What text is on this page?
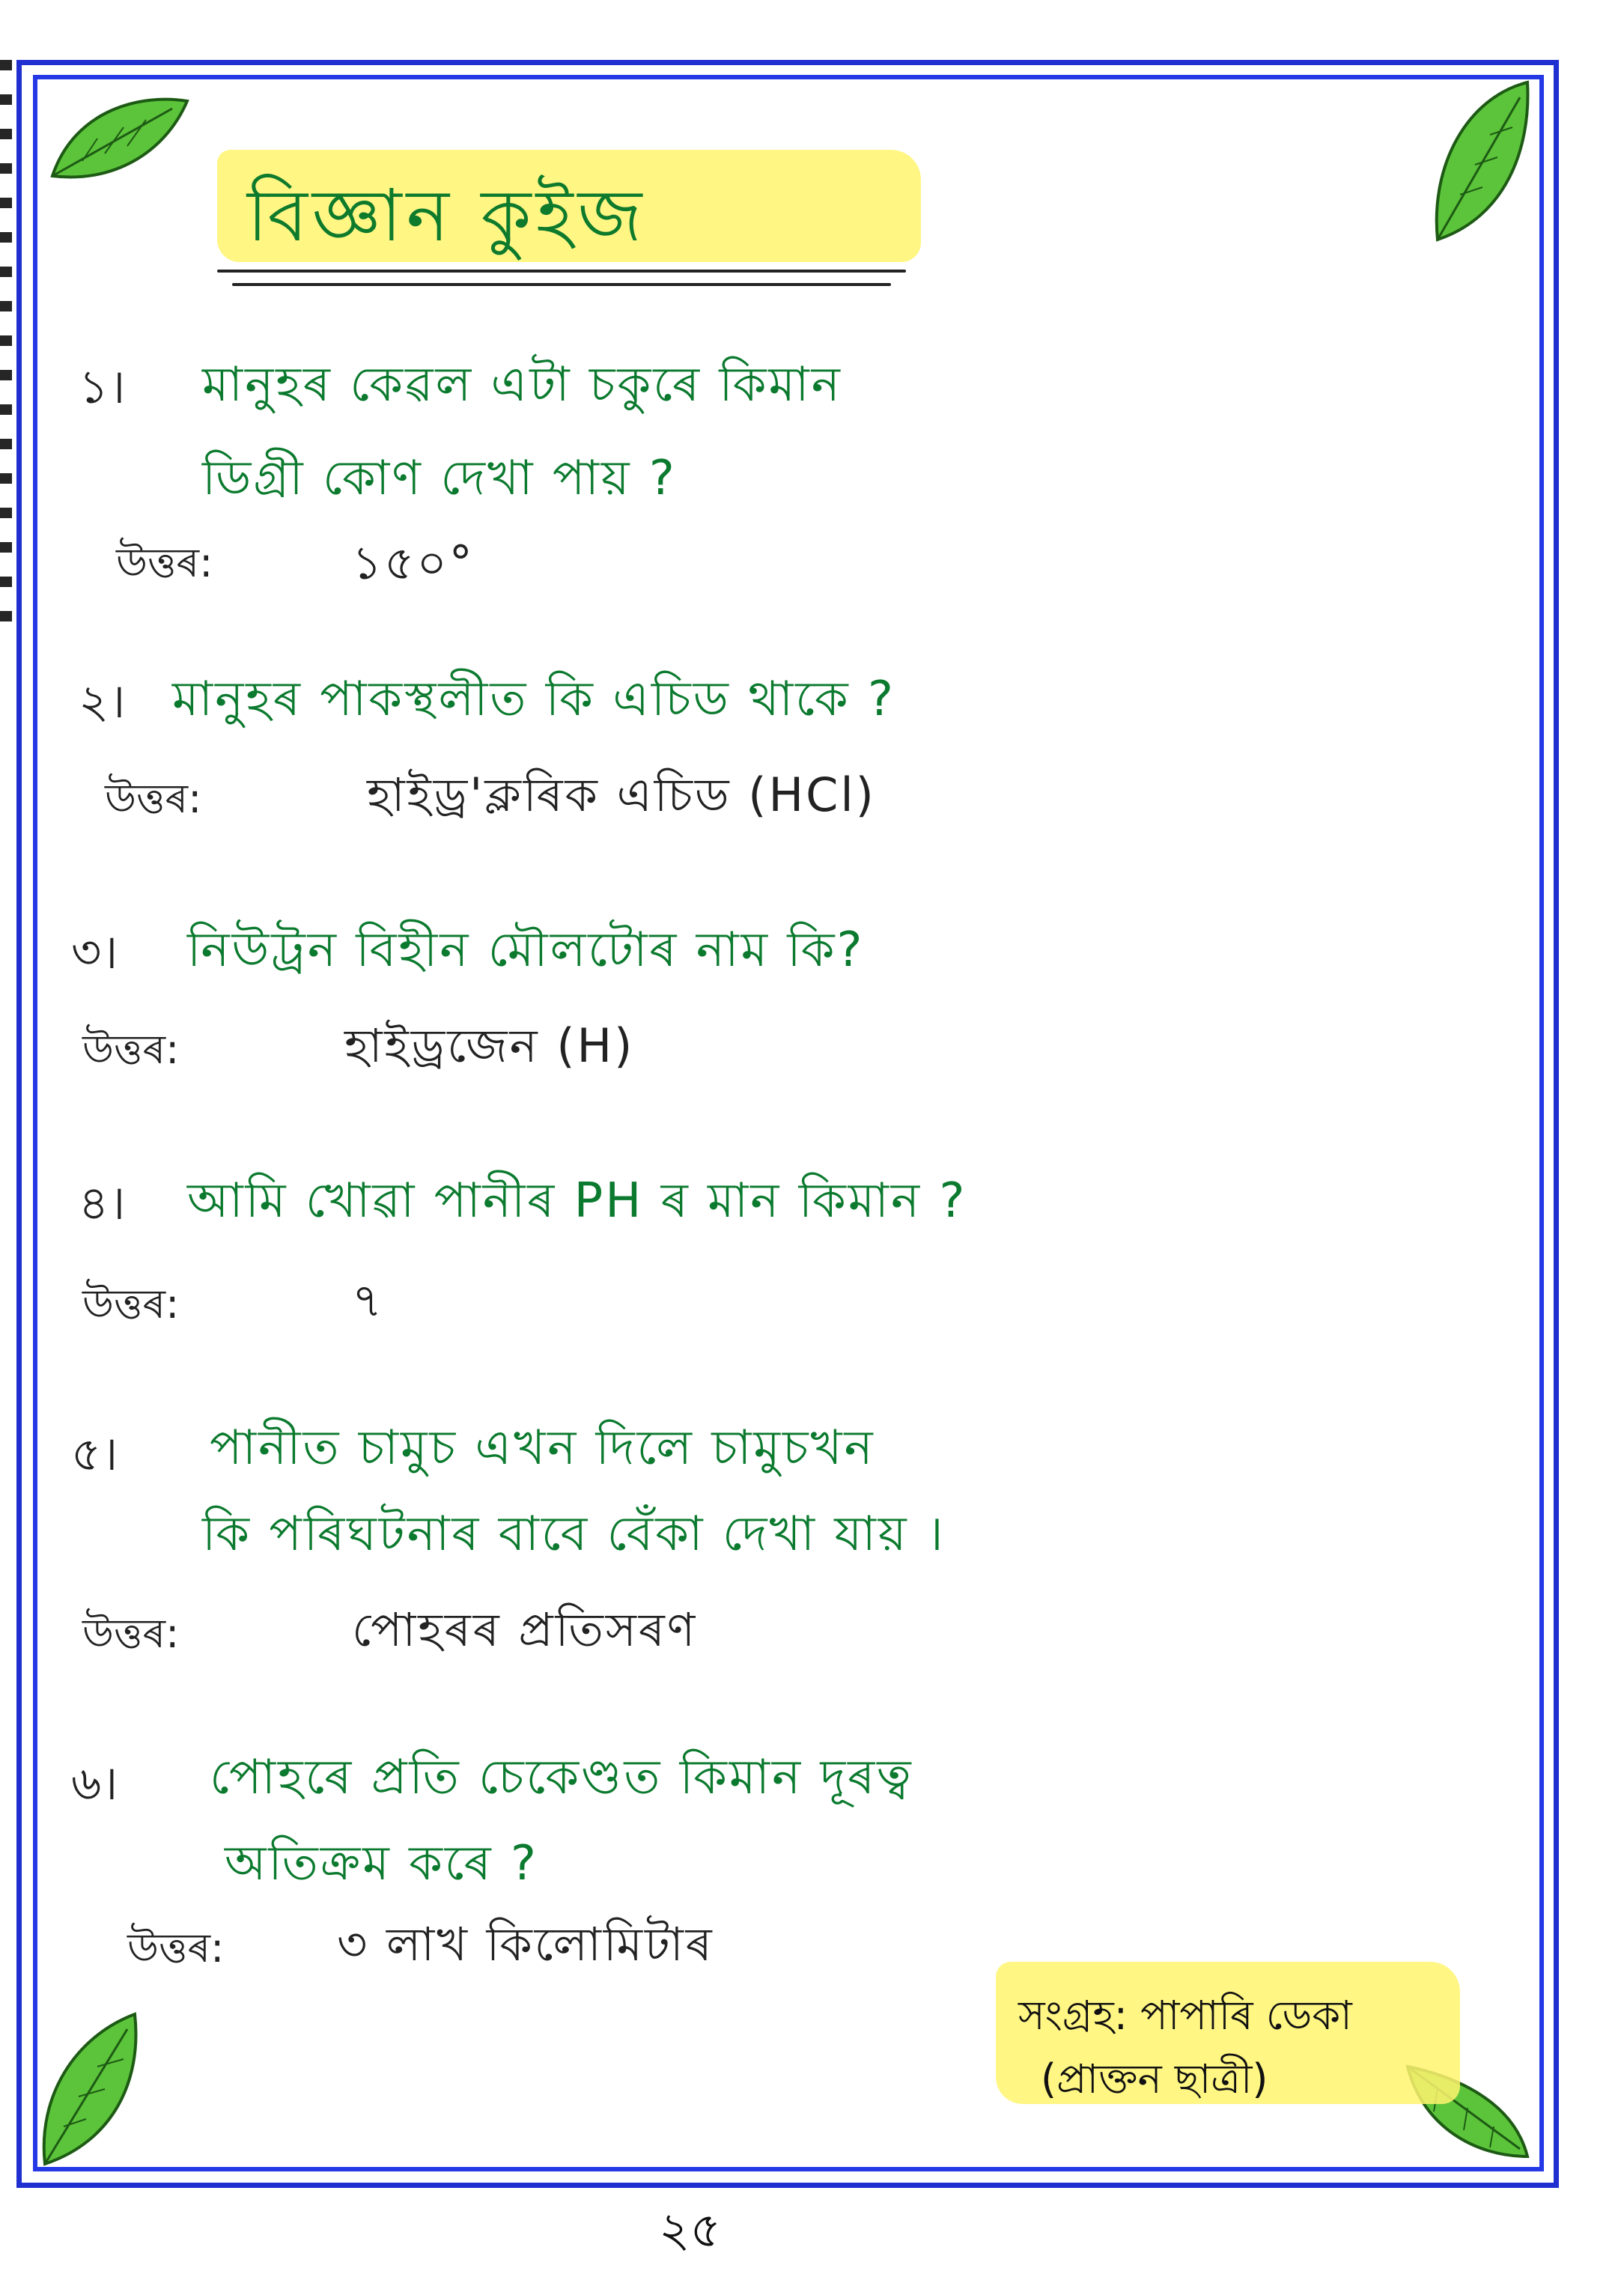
বিজ্ঞান কুইজ
১। মানুহৰ কেৱল এটা চকুৰে কিমান
ডিগ্ৰী কোণ দেখা পায় ?
উত্তৰ:	১৫০°
২। মানুহৰ পাকস্থলীত কি এচিড থাকে ?
উত্তৰ:	হাইড্ৰ'ক্লৰিক এচিড (HCl)
৩। নিউট্ৰন বিহীন মৌলটোৰ নাম কি?
উত্তৰ:	হাইড্ৰজেন (H)
৪। আমি খোৱা পানীৰ PH ৰ মান কিমান ?
উত্তৰ:	৭
৫। পানীত চামুচ এখন দিলে চামুচখন
কি পৰিঘটনাৰ বাবে বেঁকা দেখা যায় ।
উত্তৰ:	পোহৰৰ প্ৰতিসৰণ
৬। পোহৰে প্ৰতি চেকেণ্ডত কিমান দূৰত্ব
অতিক্ৰম কৰে ?
উত্তৰ: ৩ লাখ কিলোমিটাৰ
সংগ্ৰহ: পাপাৰি ডেকা
(প্ৰাক্তন ছাত্ৰী)
২৫
